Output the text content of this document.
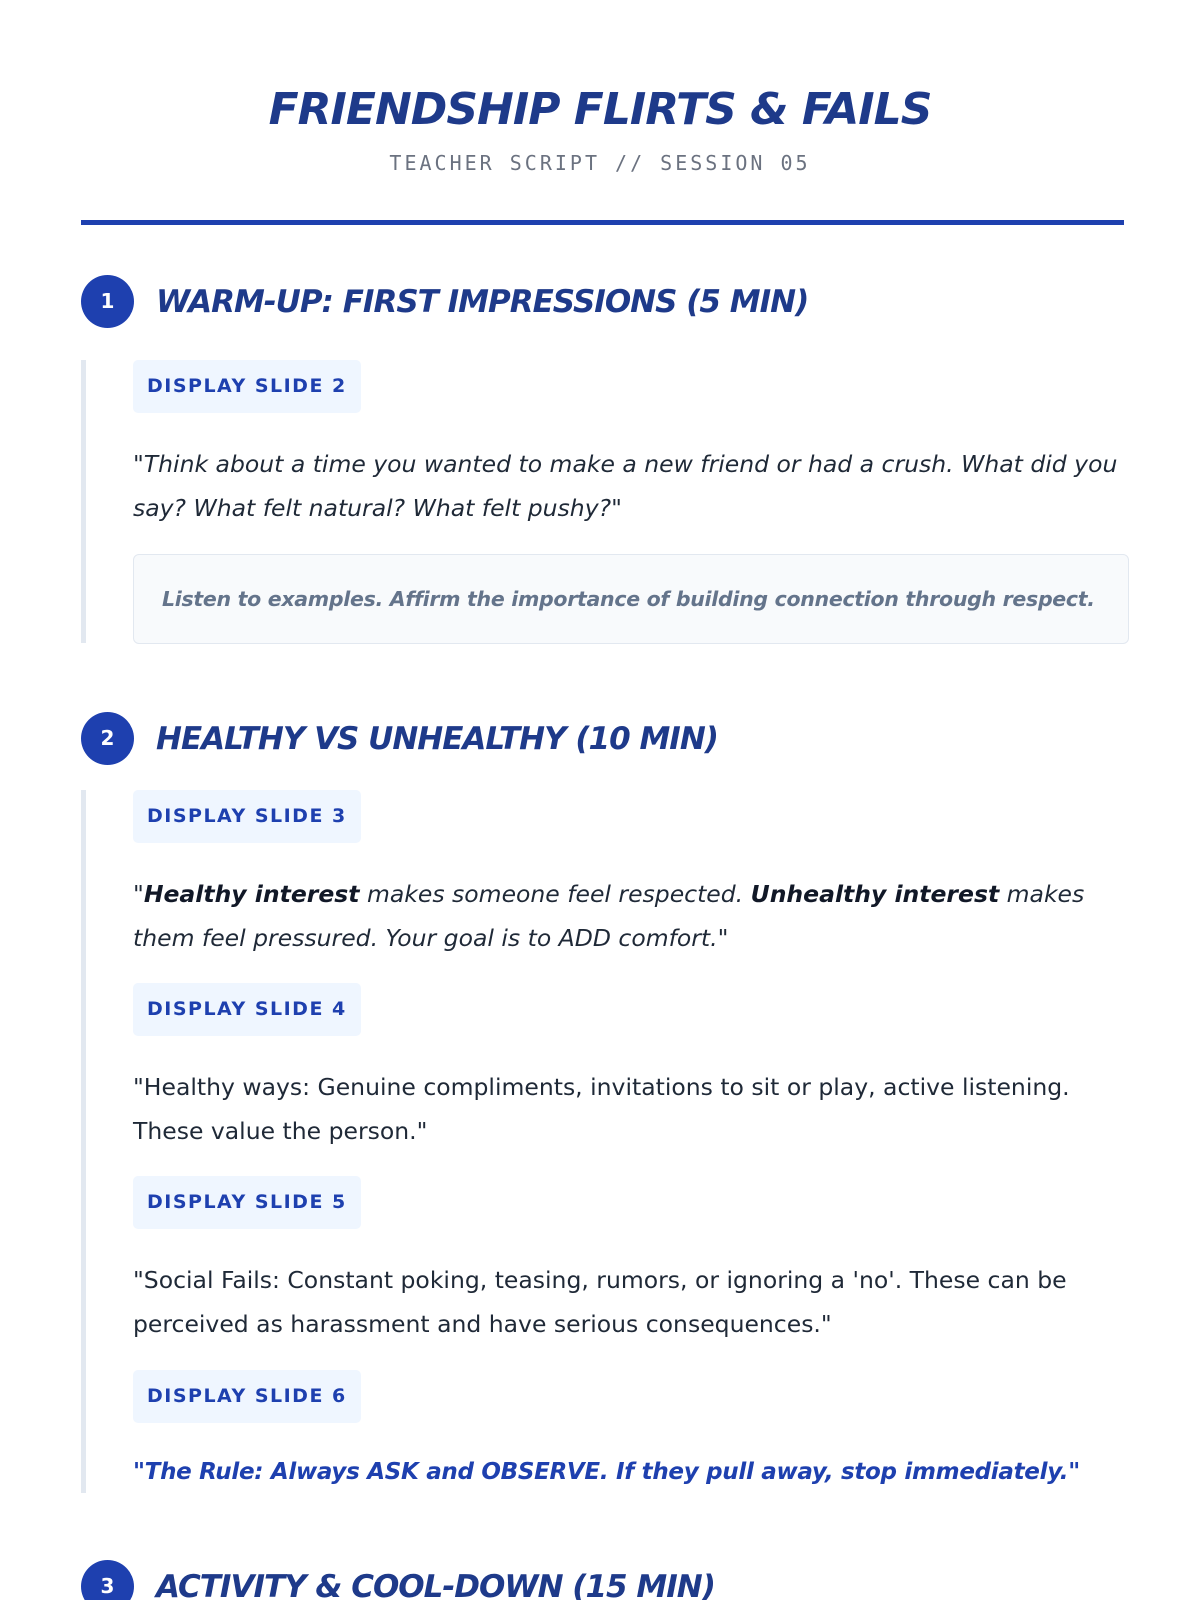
FRIENDSHIP FLIRTS & FAILS
TEACHER SCRIPT // SESSION 05
1	WARM-UP: FIRST IMPRESSIONS (5 MIN)
DISPLAY SLIDE 2
"Think about a time you wanted to make a new friend or had a crush. What did you say? What felt natural? What felt pushy?"
Listen to examples. Affirm the importance of building connection through respect.
2	HEALTHY VS UNHEALTHY (10 MIN)
DISPLAY SLIDE 3
"Healthy interest makes someone feel respected. Unhealthy interest makes them feel pressured. Your goal is to ADD comfort."
DISPLAY SLIDE 4
"Healthy ways: Genuine compliments, invitations to sit or play, active listening. These value the person."
DISPLAY SLIDE 5
"Social Fails: Constant poking, teasing, rumors, or ignoring a 'no'. These can be perceived as harassment and have serious consequences."
DISPLAY SLIDE 6
"The Rule: Always ASK and OBSERVE. If they pull away, stop immediately."
3	ACTIVITY & COOL-DOWN (15 MIN)
